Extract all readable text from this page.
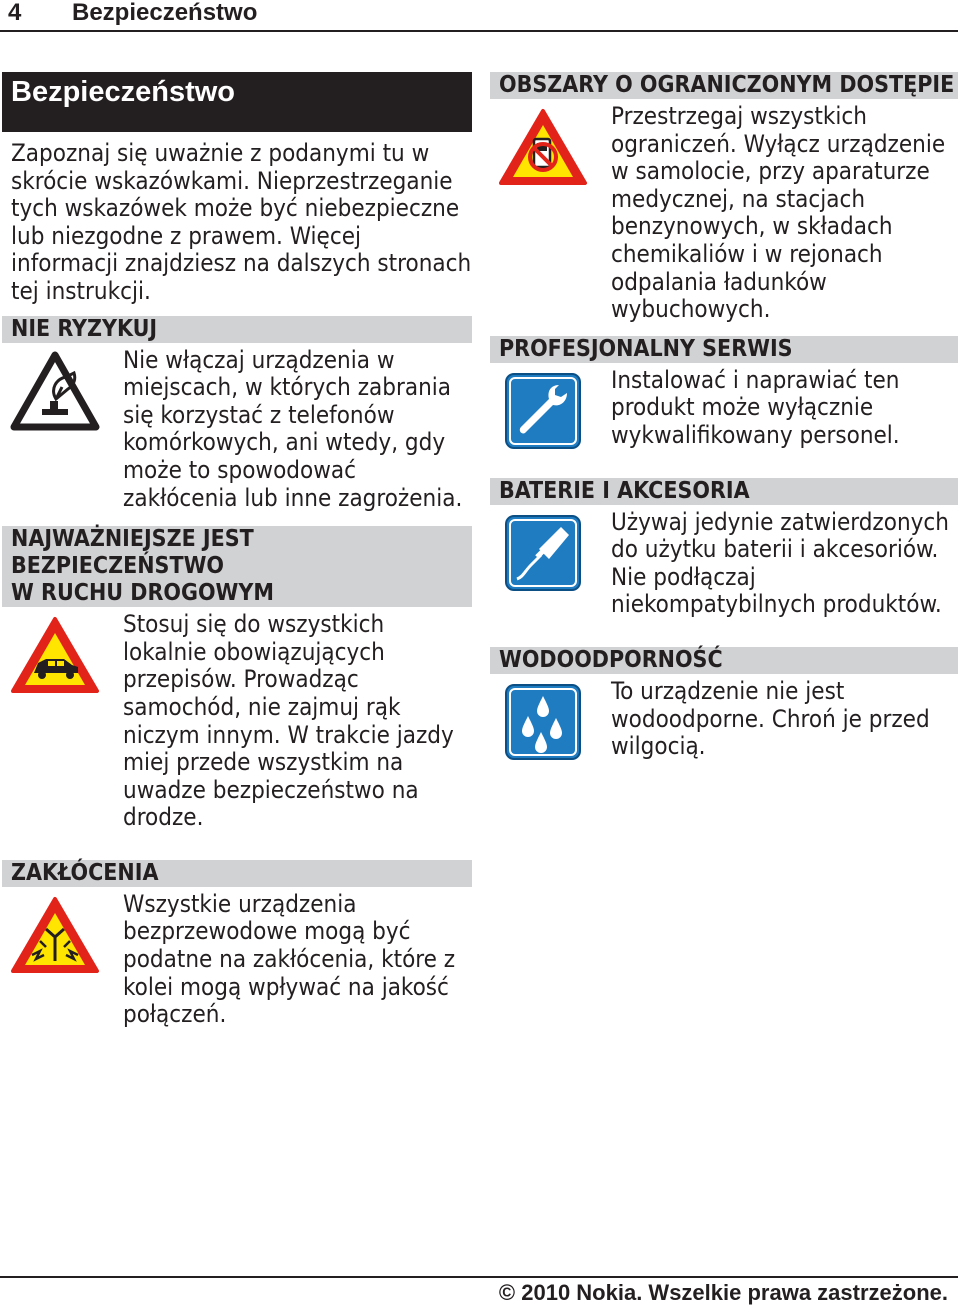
4 Bezpieczeństwo
Bezpieczeństwo

Zapoznaj się uważnie z podanymi tu w skrócie wskazówkami. Nieprzestrzeganie tych wskazówek może być niebezpieczne lub niezgodne z prawem. Więcej informacji znajdziesz na dalszych stronach tej instrukcji.

NIE RYZYKUJ

Nie włączaj urządzenia w miejscach, w których zabrania się korzystać z telefonów komórkowych, ani wtedy, gdy może to spowodować zakłócenia lub inne zagrożenia.

NAJWAŻNIEJSZE JEST BEZPIECZEŃSTWO
W RUCHU DROGOWYM

Stosuj się do wszystkich lokalnie obowiązujących przepisów. Prowadząc samochód, nie zajmuj rąk niczym innym. W trakcie jazdy miej przede wszystkim na uwadze bezpieczeństwo na drodze.

ZAKŁÓCENIA

Wszystkie urządzenia bezprzewodowe mogą być podatne na zakłócenia, które z kolei mogą wpływać na jakość połączeń.

OBSZARY O OGRANICZONYM DOSTĘPIE

Przestrzegaj wszystkich ograniczeń. Wyłącz urządzenie w samolocie, przy aparaturze medycznej, na stacjach benzynowych, w składach chemikaliów i w rejonach odpalania ładunków wybuchowych.

PROFESJONALNY SERWIS

Instalować i naprawiać ten produkt może wyłącznie wykwalifikowany personel.

BATERIE I AKCESORIA

Używaj jedynie zatwierdzonych do użytku baterii i akcesoriów. Nie podłączaj niekompatybilnych produktów.

WODOODPORNOŚĆ

To urządzenie nie jest wodoodporne. Chroń je przed wilgocią.

© 2010 Nokia. Wszelkie prawa zastrzeżone.
